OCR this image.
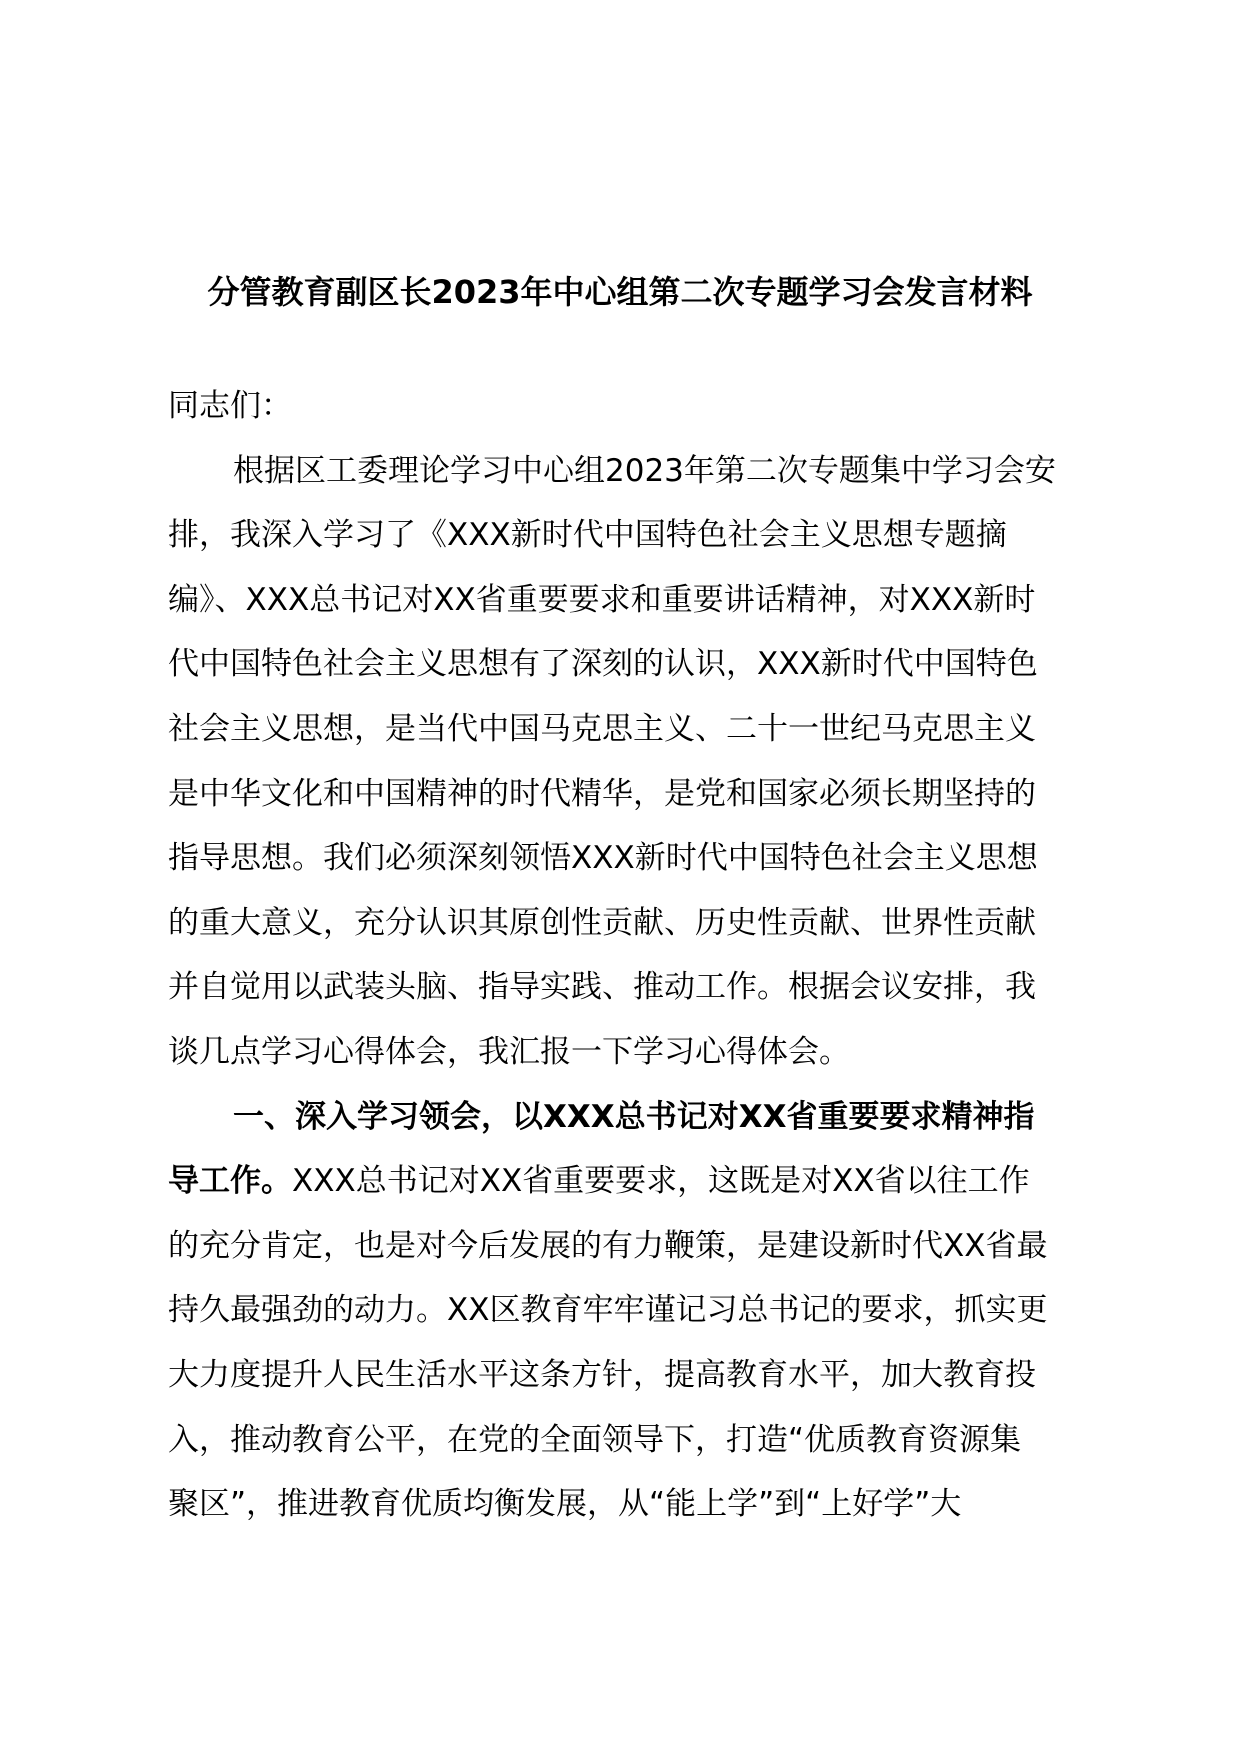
分管教育副区长2023年中心组第二次专题学习会发言材料
同志们：
根据区工委理论学习中心组2023年第二次专题集中学习会安
排，我深入学习了《XXX新时代中国特色社会主义思想专题摘
编》、XXX总书记对XX省重要要求和重要讲话精神，对XXX新时
代中国特色社会主义思想有了深刻的认识，XXX新时代中国特色
社会主义思想，是当代中国马克思主义、二十一世纪马克思主义
是中华文化和中国精神的时代精华，是党和国家必须长期坚持的
指导思想。我们必须深刻领悟XXX新时代中国特色社会主义思想
的重大意义，充分认识其原创性贡献、历史性贡献、世界性贡献
并自觉用以武装头脑、指导实践、推动工作。根据会议安排，我
谈几点学习心得体会，我汇报一下学习心得体会。
一、深入学习领会，以XXX总书记对XX省重要要求精神指
导工作。XXX总书记对XX省重要要求，这既是对XX省以往工作
的充分肯定，也是对今后发展的有力鞭策，是建设新时代XX省最
持久最强劲的动力。XX区教育牢牢谨记习总书记的要求，抓实更
大力度提升人民生活水平这条方针，提高教育水平，加大教育投
入，推动教育公平，在党的全面领导下，打造“优质教育资源集
聚区”，推进教育优质均衡发展，从“能上学”到“上好学”大
